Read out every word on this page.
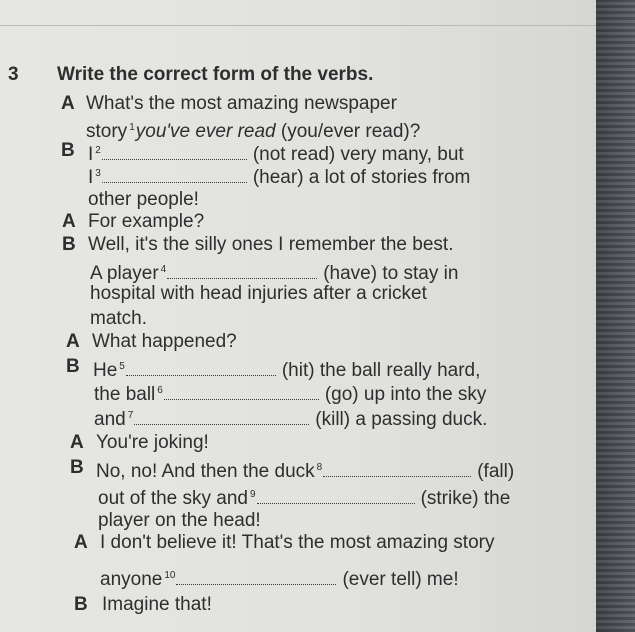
3 Write the correct form of the verbs.
A What's the most amazing newspaper
story $^1$you've ever read (you/ever read)?
B I $^2$	(not read) very many, but
I $^3$	(hear) a lot of stories from
other people!
A For example?
B Well, it's the silly ones I remember the best.
A player $^4$	(have) to stay in
hospital with head injuries after a cricket
match.
A What happened?
B He $^5$	(hit) the ball really hard,
the ball $^6$	(go) up into the sky
and $^7$	(kill) a passing duck.
A You're joking!
B No, no! And then the duck $^8$	(fall)
out of the sky and $^9$	(strike) the
player on the head!
A I don't believe it! That's the most amazing story
anyone $^{10}$	(ever tell) me!
B Imagine that!
